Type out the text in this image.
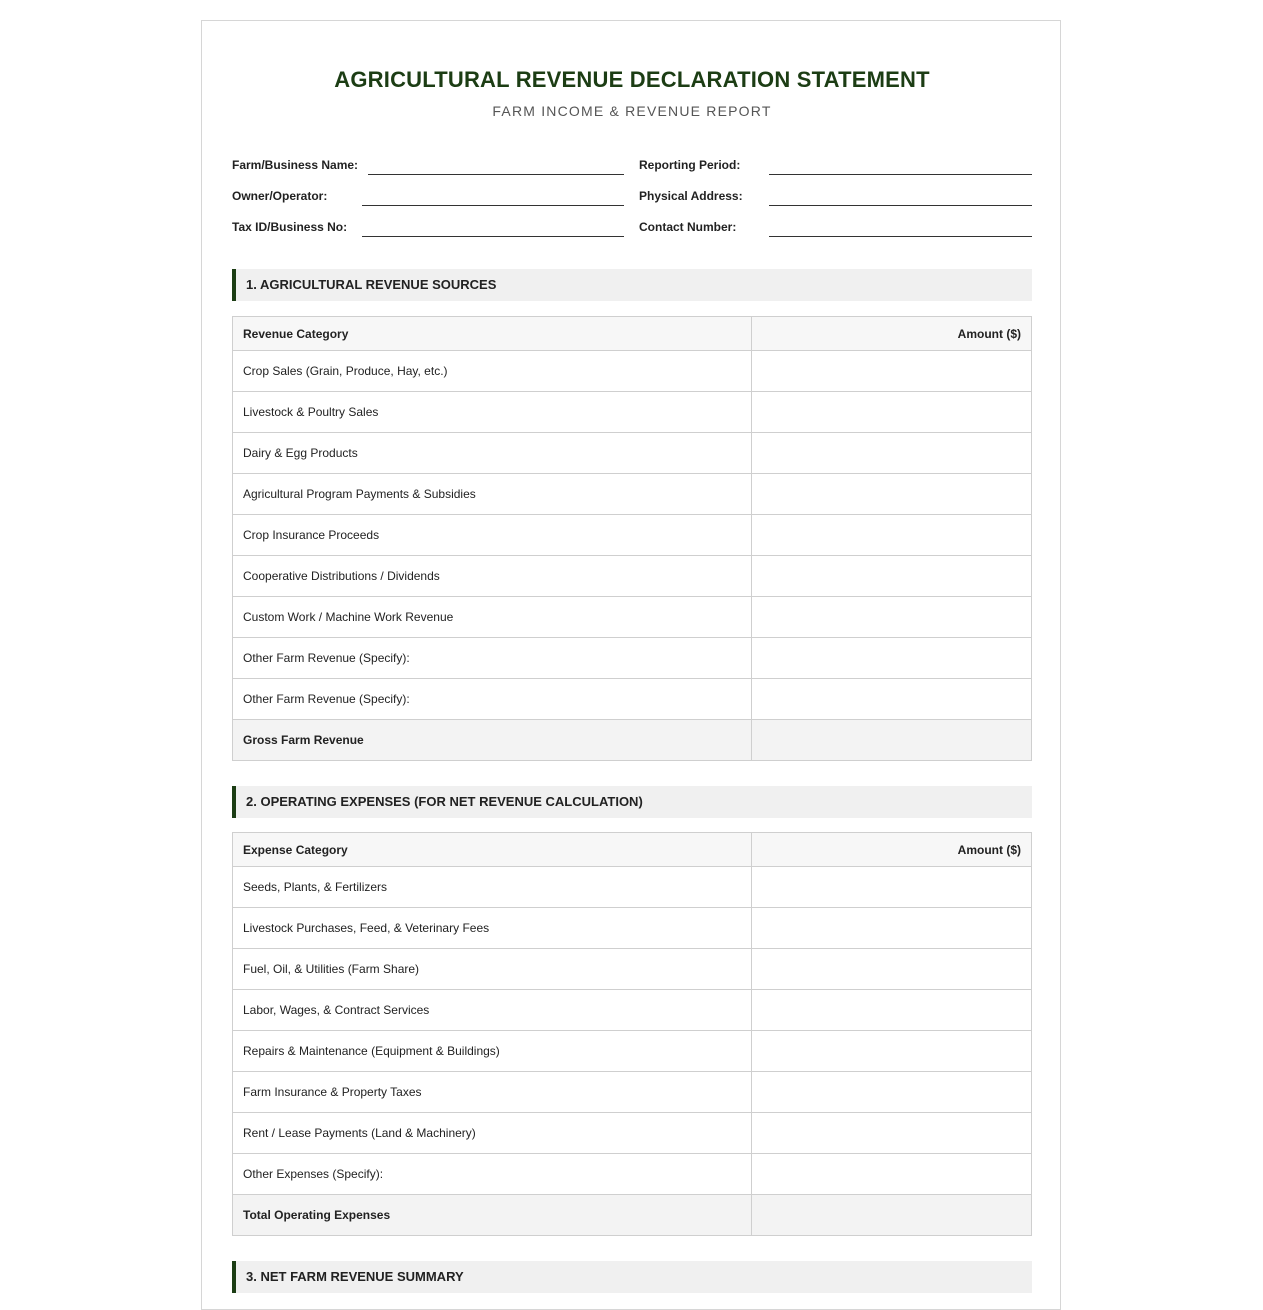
AGRICULTURAL REVENUE DECLARATION STATEMENT
FARM INCOME & REVENUE REPORT
Farm/Business Name:	Reporting Period:
Owner/Operator:	Physical Address:
Tax ID/Business No:	Contact Number:
1. AGRICULTURAL REVENUE SOURCES
Revenue Category	Amount ($)
Crop Sales (Grain, Produce, Hay, etc.)	
Livestock & Poultry Sales	
Dairy & Egg Products	
Agricultural Program Payments & Subsidies	
Crop Insurance Proceeds	
Cooperative Distributions / Dividends	
Custom Work / Machine Work Revenue	
Other Farm Revenue (Specify):	
Other Farm Revenue (Specify):	
Gross Farm Revenue	
2. OPERATING EXPENSES (FOR NET REVENUE CALCULATION)
Expense Category	Amount ($)
Seeds, Plants, & Fertilizers	
Livestock Purchases, Feed, & Veterinary Fees	
Fuel, Oil, & Utilities (Farm Share)	
Labor, Wages, & Contract Services	
Repairs & Maintenance (Equipment & Buildings)	
Farm Insurance & Property Taxes	
Rent / Lease Payments (Land & Machinery)	
Other Expenses (Specify):	
Total Operating Expenses	
3. NET FARM REVENUE SUMMARY
